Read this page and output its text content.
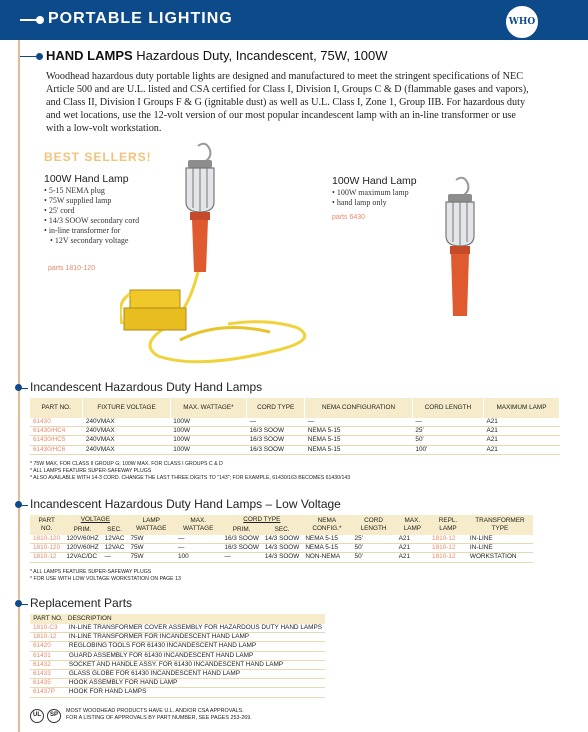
PORTABLE LIGHTING	WHO
HAND LAMPS Hazardous Duty, Incandescent, 75W, 100W

Woodhead hazardous duty portable lights are designed and manufactured to meet the stringent specifications of NEC Article 500 and are U.L. listed and CSA certified for Class I, Division I, Groups C & D (flammable gases and vapors), and Class II, Division I Groups F & G (ignitable dust) as well as U.L. Class I, Zone 1, Group IIB. For hazardous duty and wet locations, use the 12-volt version of our most popular incandescent lamp with an in-line transformer or use with a low-volt workstation.

BEST SELLERS!
100W Hand Lamp
• 5-15 NEMA plug
• 75W supplied lamp
• 25' cord
• 14/3 SOOW secondary cord
• in-line transformer for
• 12V secondary voltage
parts 1810-120
100W Hand Lamp
• 100W maximum lamp
• hand lamp only
parts 6430
Incandescent Hazardous Duty Hand Lamps
PART NO.	FIXTURE VOLTAGE	MAX. WATTAGE*	CORD TYPE	NEMA CONFIGURATION	CORD LENGTH	MAXIMUM LAMP
61430	240VMAX	100W	—	—	—	A21
61430/HC4	240VMAX	100W	16/3 SOOW	NEMA 5-15	25'	A21
61430/HC5	240VMAX	100W	16/3 SOOW	NEMA 5-15	50'	A21
61430/HC6	240VMAX	100W	16/3 SOOW	NEMA 5-15	100'	A21
* 75W MAX. FOR CLASS II GROUP G; 100W MAX. FOR CLASS I GROUPS C & D
* ALL LAMPS FEATURE SUPER-SAFEWAY PLUGS
* ALSO AVAILABLE WITH 14-3 CORD. CHANGE THE LAST THREE DIGITS TO "143"; FOR EXAMPLE, 61430/163 BECOMES 61430/143
Incandescent Hazardous Duty Hand Lamps – Low Voltage
PART NO.	VOLTAGE		LAMP WATTAGE	MAX. WATTAGE	CORD TYPE		NEMA CONFIG.*	CORD LENGTH	MAX. LAMP	REPL. LAMP	TRANSFORMER TYPE
	PRIM.	SEC.			PRIM.	SEC.					
1810-120	120V/60HZ	12VAC	75W	—	16/3 SOOW	14/3 SOOW	NEMA 5-15	25'	A21	1810-12	IN-LINE
1810-120	120V/60HZ	12VAC	75W	—	16/3 SOOW	14/3 SOOW	NEMA 5-15	50'	A21	1810-12	IN-LINE
1810-12	12VAC/DC	—	75W	100	—	14/3 SOOW	NON-NEMA	50'	A21	1810-12	WORKSTATION
* ALL LAMPS FEATURE SUPER-SAFEWAY PLUGS
* FOR USE WITH LOW VOLTAGE WORKSTATION ON PAGE 13
Replacement Parts
PART NO.	DESCRIPTION
1810-C3	IN-LINE TRANSFORMER COVER ASSEMBLY FOR HAZARDOUS DUTY HAND LAMPS
1810-12	IN-LINE TRANSFORMER FOR INCANDESCENT HAND LAMP
61420	REGLOBING TOOLS FOR 61430 INCANDESCENT HAND LAMP
61431	GUARD ASSEMBLY FOR 61430 INCANDESCENT HAND LAMP
61432	SOCKET AND HANDLE ASSY. FOR 61430 INCANDESCENT HAND LAMP
61433	GLASS GLOBE FOR 61430 INCANDESCENT HAND LAMP
61435	HOOK ASSEMBLY FOR HAND LAMP
61437P	HOOK FOR HAND LAMPS
UL	SP
MOST WOODHEAD PRODUCTS HAVE U.L. AND/OR CSA APPROVALS.
FOR A LISTING OF APPROVALS BY PART NUMBER, SEE PAGES 253-269.
